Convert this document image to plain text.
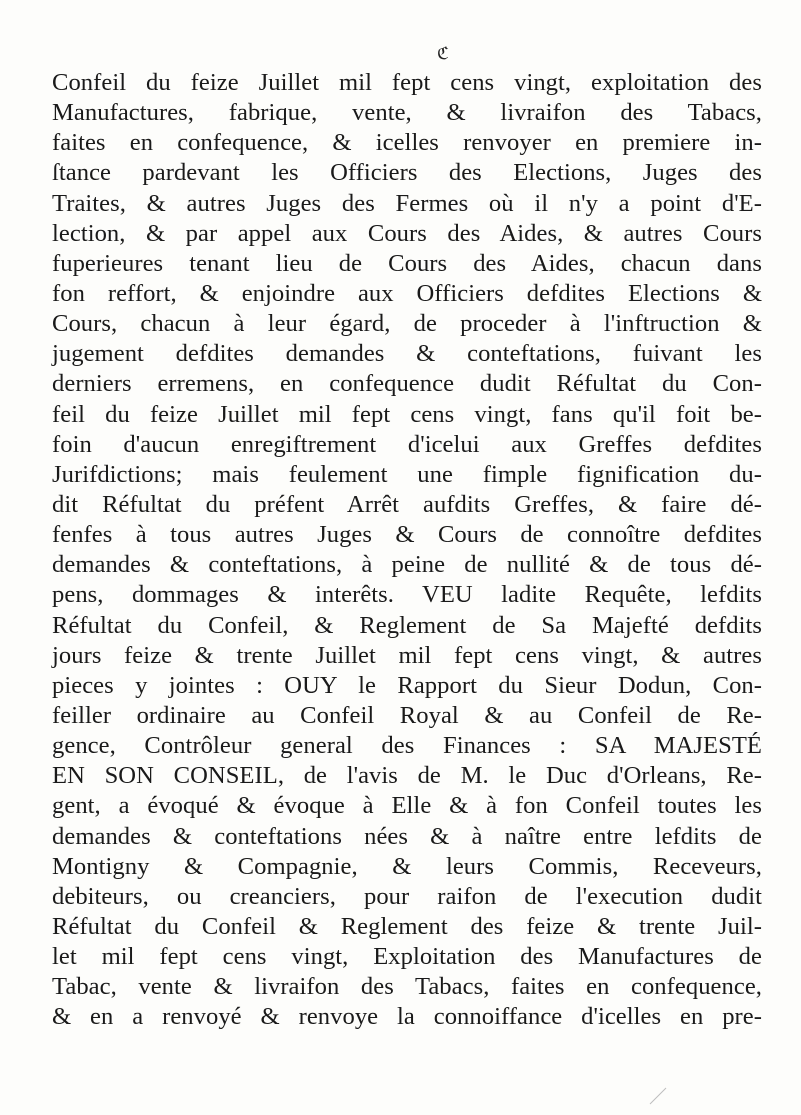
ℭ
Confeil du feize Juillet mil fept cens vingt, exploitation des
Manufactures, fabrique, vente, & livraifon des Tabacs,
faites en confequence, & icelles renvoyer en premiere in-
ſtance pardevant les Officiers des Elections, Juges des
Traites, & autres Juges des Fermes où il n'y a point d'E-
lection, & par appel aux Cours des Aides, & autres Cours
fuperieures tenant lieu de Cours des Aides, chacun dans
fon reffort, & enjoindre aux Officiers defdites Elections &
Cours, chacun à leur égard, de proceder à l'inftruction &
jugement defdites demandes & conteftations, fuivant les
derniers erremens, en confequence dudit Réfultat du Con-
feil du feize Juillet mil fept cens vingt, fans qu'il foit be-
foin d'aucun enregiftrement d'icelui aux Greffes defdites
Jurifdictions; mais feulement une fimple fignification du-
dit Réfultat du préfent Arrêt aufdits Greffes, & faire dé-
fenfes à tous autres Juges & Cours de connoître defdites
demandes & conteftations, à peine de nullité & de tous dé-
pens, dommages & interêts. VEU ladite Requête, lefdits
Réfultat du Confeil, & Reglement de Sa Majefté defdits
jours feize & trente Juillet mil fept cens vingt, & autres
pieces y jointes : OUY le Rapport du Sieur Dodun, Con-
feiller ordinaire au Confeil Royal & au Confeil de Re-
gence, Contrôleur general des Finances : SA MAJESTÉ
EN SON CONSEIL, de l'avis de M. le Duc d'Orleans, Re-
gent, a évoqué & évoque à Elle & à fon Confeil toutes les
demandes & conteftations nées & à naître entre lefdits de
Montigny & Compagnie, & leurs Commis, Receveurs,
debiteurs, ou creanciers, pour raifon de l'execution dudit
Réfultat du Confeil & Reglement des feize & trente Juil-
let mil fept cens vingt, Exploitation des Manufactures de
Tabac, vente & livraifon des Tabacs, faites en confequence,
& en a renvoyé & renvoye la connoiffance d'icelles en pre-
